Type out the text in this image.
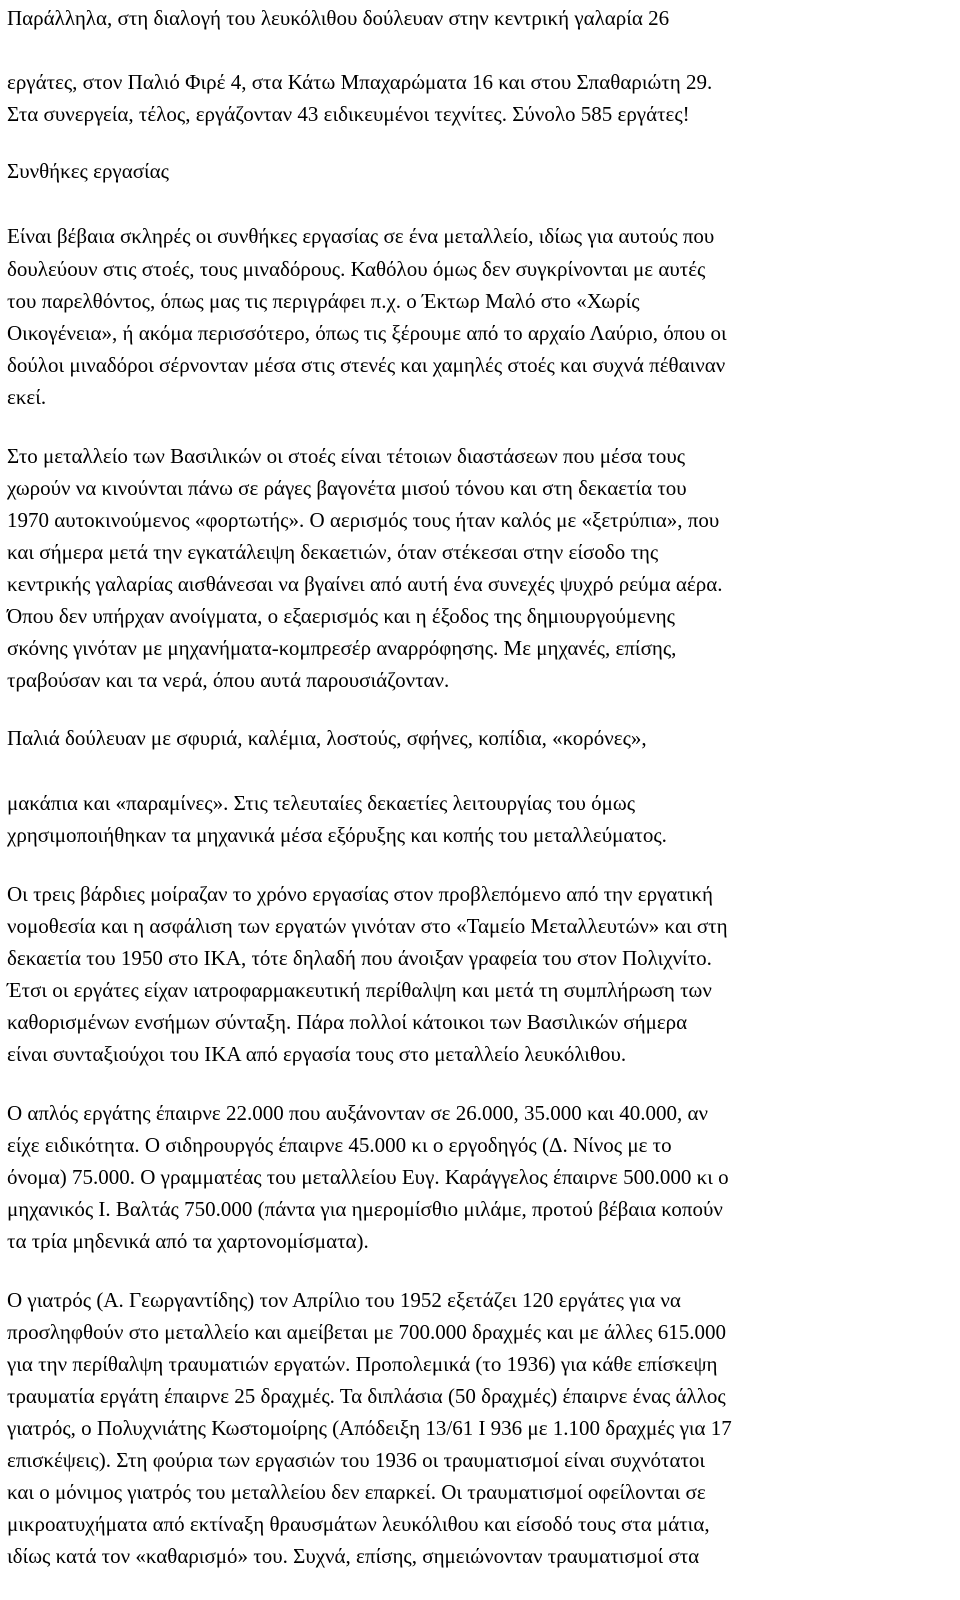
Παράλληλα, στη διαλογή του λευκόλιθου δούλευαν στην κεντρική γαλαρία 26
εργάτες, στον Παλιό Φιρέ 4, στα Κάτω Μπαχαρώματα 16 και στου Σπαθαριώτη 29.
Στα συνεργεία, τέλος, εργάζονταν 43 ειδικευμένοι τεχνίτες. Σύνολο 585 εργάτες!
Συνθήκες εργασίας
Είναι βέβαια σκληρές οι συνθήκες εργασίας σε ένα μεταλλείο, ιδίως για αυτούς που
δουλεύουν στις στοές, τους μιναδόρους. Καθόλου όμως δεν συγκρίνονται με αυτές
του παρελθόντος, όπως μας τις περιγράφει π.χ. ο Έκτωρ Μαλό στο «Χωρίς
Οικογένεια», ή ακόμα περισσότερο, όπως τις ξέρουμε από το αρχαίο Λαύριο, όπου οι
δούλοι μιναδόροι σέρνονταν μέσα στις στενές και χαμηλές στοές και συχνά πέθαιναν
εκεί.
Στο μεταλλείο των Βασιλικών οι στοές είναι τέτοιων διαστάσεων που μέσα τους
χωρούν να κινούνται πάνω σε ράγες βαγονέτα μισού τόνου και στη δεκαετία του
1970 αυτοκινούμενος «φορτωτής». Ο αερισμός τους ήταν καλός με «ξετρύπια», που
και σήμερα μετά την εγκατάλειψη δεκαετιών, όταν στέκεσαι στην είσοδο της
κεντρικής γαλαρίας αισθάνεσαι να βγαίνει από αυτή ένα συνεχές ψυχρό ρεύμα αέρα.
Όπου δεν υπήρχαν ανοίγματα, ο εξαερισμός και η έξοδος της δημιουργούμενης
σκόνης γινόταν με μηχανήματα-κομπρεσέρ αναρρόφησης. Με μηχανές, επίσης,
τραβούσαν και τα νερά, όπου αυτά παρουσιάζονταν.
Παλιά δούλευαν με σφυριά, καλέμια, λοστούς, σφήνες, κοπίδια, «κορόνες»,
μακάπια και «παραμίνες». Στις τελευταίες δεκαετίες λειτουργίας του όμως
χρησιμοποιήθηκαν τα μηχανικά μέσα εξόρυξης και κοπής του μεταλλεύματος.
Οι τρεις βάρδιες μοίραζαν το χρόνο εργασίας στον προβλεπόμενο από την εργατική
νομοθεσία και η ασφάλιση των εργατών γινόταν στο «Ταμείο Μεταλλευτών» και στη
δεκαετία του 1950 στο ΙΚΑ, τότε δηλαδή που άνοιξαν γραφεία του στον Πολιχνίτο.
Έτσι οι εργάτες είχαν ιατροφαρμακευτική περίθαλψη και μετά τη συμπλήρωση των
καθορισμένων ενσήμων σύνταξη. Πάρα πολλοί κάτοικοι των Βασιλικών σήμερα
είναι συνταξιούχοι του ΙΚΑ από εργασία τους στο μεταλλείο λευκόλιθου.
Ο απλός εργάτης έπαιρνε 22.000 που αυξάνονταν σε 26.000, 35.000 και 40.000, αν
είχε ειδικότητα. Ο σιδηρουργός έπαιρνε 45.000 κι ο εργοδηγός (Δ. Νίνος με το
όνομα) 75.000. Ο γραμματέας του μεταλλείου Ευγ. Καράγγελος έπαιρνε 500.000 κι ο
μηχανικός Ι. Βαλτάς 750.000 (πάντα για ημερομίσθιο μιλάμε, προτού βέβαια κοπούν
τα τρία μηδενικά από τα χαρτονομίσματα).
Ο γιατρός (Α. Γεωργαντίδης) τον Απρίλιο του 1952 εξετάζει 120 εργάτες για να
προσληφθούν στο μεταλλείο και αμείβεται με 700.000 δραχμές και με άλλες 615.000
για την περίθαλψη τραυματιών εργατών. Προπολεμικά (το 1936) για κάθε επίσκεψη
τραυματία εργάτη έπαιρνε 25 δραχμές. Τα διπλάσια (50 δραχμές) έπαιρνε ένας άλλος
γιατρός, ο Πολυχνιάτης Κωστομοίρης (Απόδειξη 13/61 Ι 936 με 1.100 δραχμές για 17
επισκέψεις). Στη φούρια των εργασιών του 1936 οι τραυματισμοί είναι συχνότατοι
και ο μόνιμος γιατρός του μεταλλείου δεν επαρκεί. Οι τραυματισμοί οφείλονται σε
μικροατυχήματα από εκτίναξη θραυσμάτων λευκόλιθου και είσοδό τους στα μάτια,
ιδίως κατά τον «καθαρισμό» του. Συχνά, επίσης, σημειώνονταν τραυματισμοί στα
